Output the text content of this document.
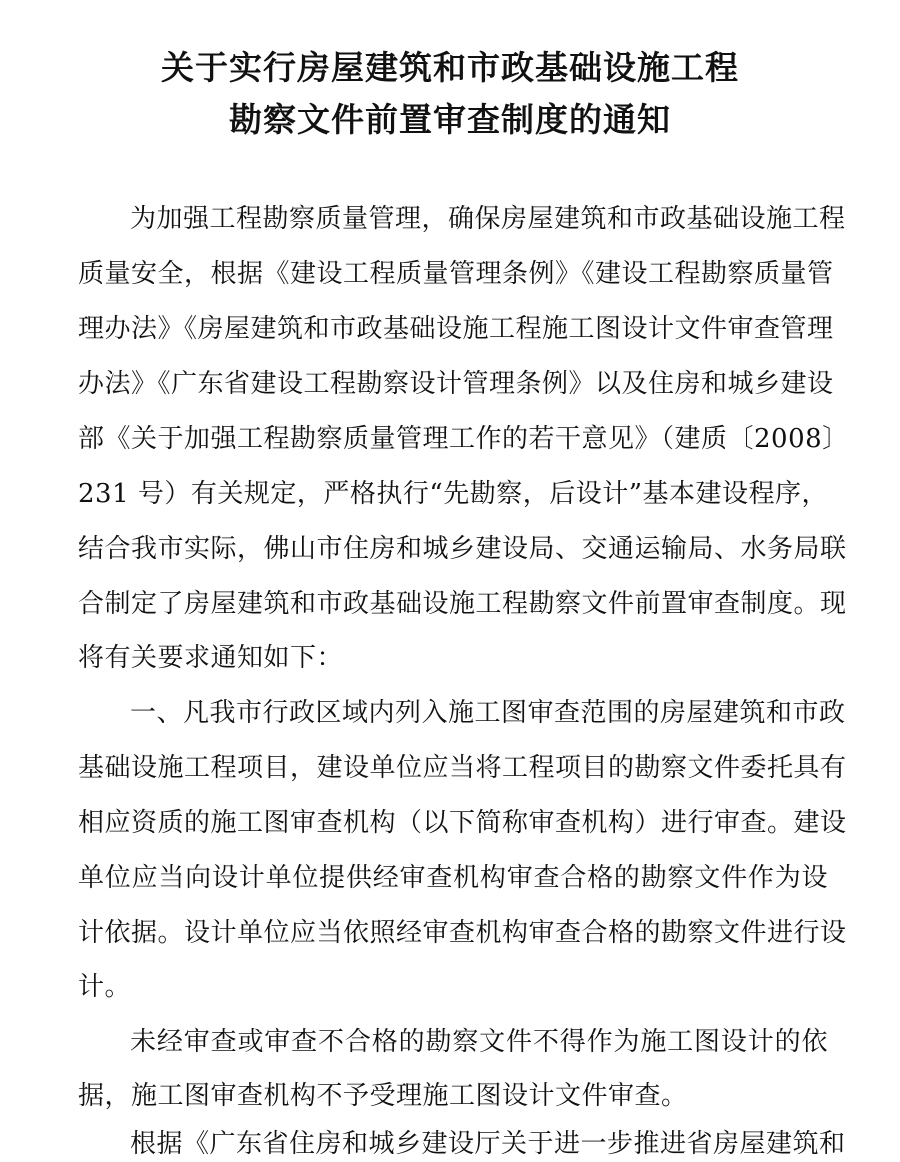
关于实行房屋建筑和市政基础设施工程
勘察文件前置审查制度的通知
为加强工程勘察质量管理，确保房屋建筑和市政基础设施工程
质量安全，根据《建设工程质量管理条例》《建设工程勘察质量管
理办法》《房屋建筑和市政基础设施工程施工图设计文件审查管理
办法》《广东省建设工程勘察设计管理条例》以及住房和城乡建设
部《关于加强工程勘察质量管理工作的若干意见》（建质〔2008〕
231 号）有关规定，严格执行“先勘察，后设计”基本建设程序，
结合我市实际，佛山市住房和城乡建设局、交通运输局、水务局联
合制定了房屋建筑和市政基础设施工程勘察文件前置审查制度。现
将有关要求通知如下：
一、凡我市行政区域内列入施工图审查范围的房屋建筑和市政
基础设施工程项目，建设单位应当将工程项目的勘察文件委托具有
相应资质的施工图审查机构（以下简称审查机构）进行审查。建设
单位应当向设计单位提供经审查机构审查合格的勘察文件作为设
计依据。设计单位应当依照经审查机构审查合格的勘察文件进行设
计。
未经审查或审查不合格的勘察文件不得作为施工图设计的依
据，施工图审查机构不予受理施工图设计文件审查。
根据《广东省住房和城乡建设厅关于进一步推进省房屋建筑和
